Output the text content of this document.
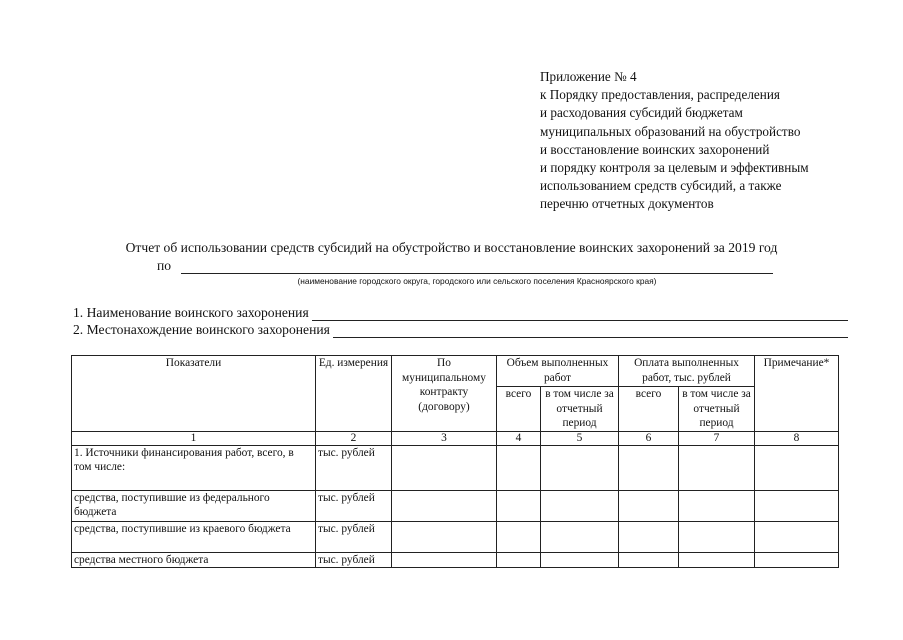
Приложение № 4
к Порядку предоставления, распределения
и расходования субсидий бюджетам
муниципальных образований на обустройство
и восстановление воинских захоронений
и порядку контроля за целевым и эффективным
использованием средств субсидий, а также
перечню отчетных документов
Отчет об использовании средств субсидий на обустройство и восстановление воинских захоронений за 2019 год
по
(наименование городского округа, городского или сельского поселения Красноярского края)
1. Наименование воинского захоронения
2. Местонахождение воинского захоронения
Показатели	Ед. измерения	По муниципальному контракту (договору)	Объем выполненных работ		Оплата выполненных работ, тыс. рублей		Примечание*
			всего	в том числе за отчетный период	всего	в том числе за отчетный период	
1	2	3	4	5	6	7	8
1. Источники финансирования работ, всего, в том числе:	тыс. рублей						
средства, поступившие из федерального бюджета	тыс. рублей						
средства, поступившие из краевого бюджета	тыс. рублей						
средства местного бюджета	тыс. рублей						
